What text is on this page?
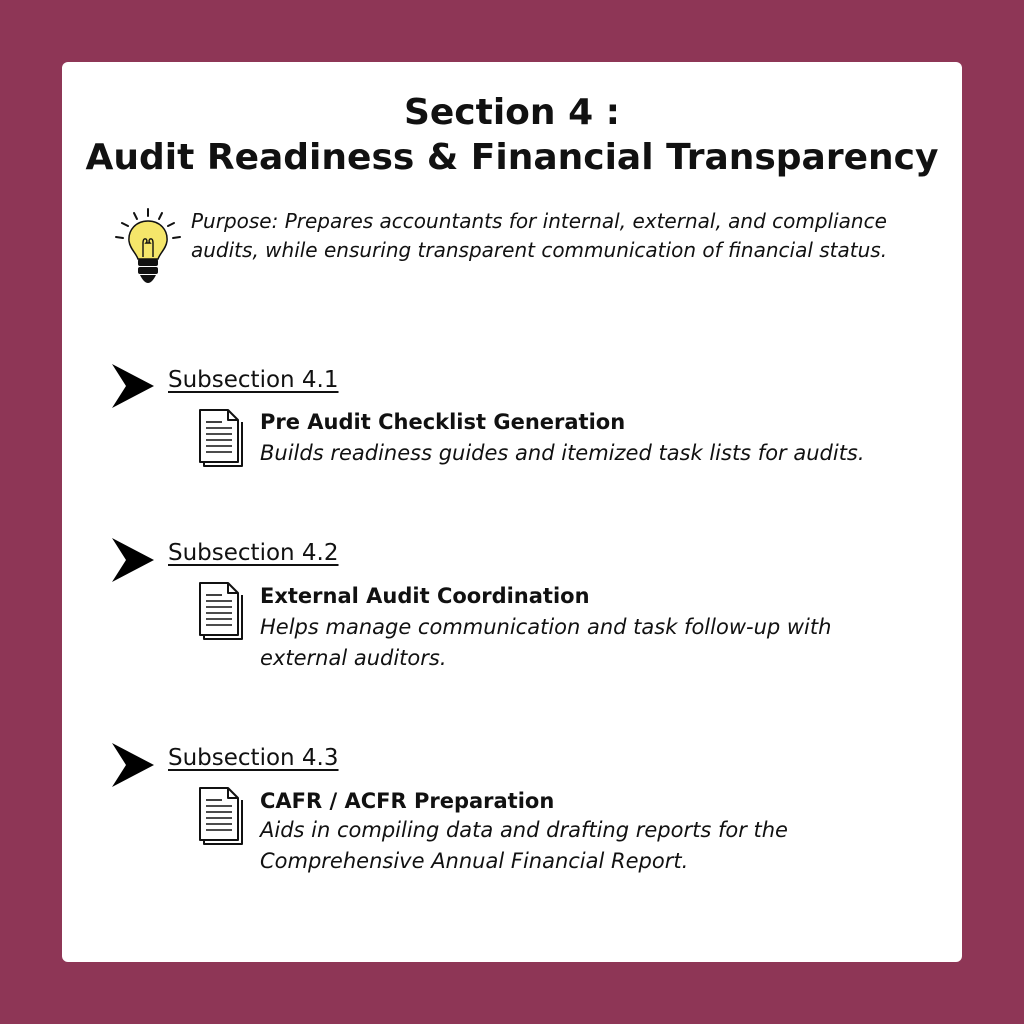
Section 4 :
Audit Readiness & Financial Transparency
Purpose: Prepares accountants for internal, external, and compliance audits, while ensuring transparent communication of financial status.
Subsection 4.1
Pre Audit Checklist Generation
Builds readiness guides and itemized task lists for audits.
Subsection 4.2
External Audit Coordination
Helps manage communication and task follow-up with external auditors.
Subsection 4.3
CAFR / ACFR Preparation
Aids in compiling data and drafting reports for the Comprehensive Annual Financial Report.
